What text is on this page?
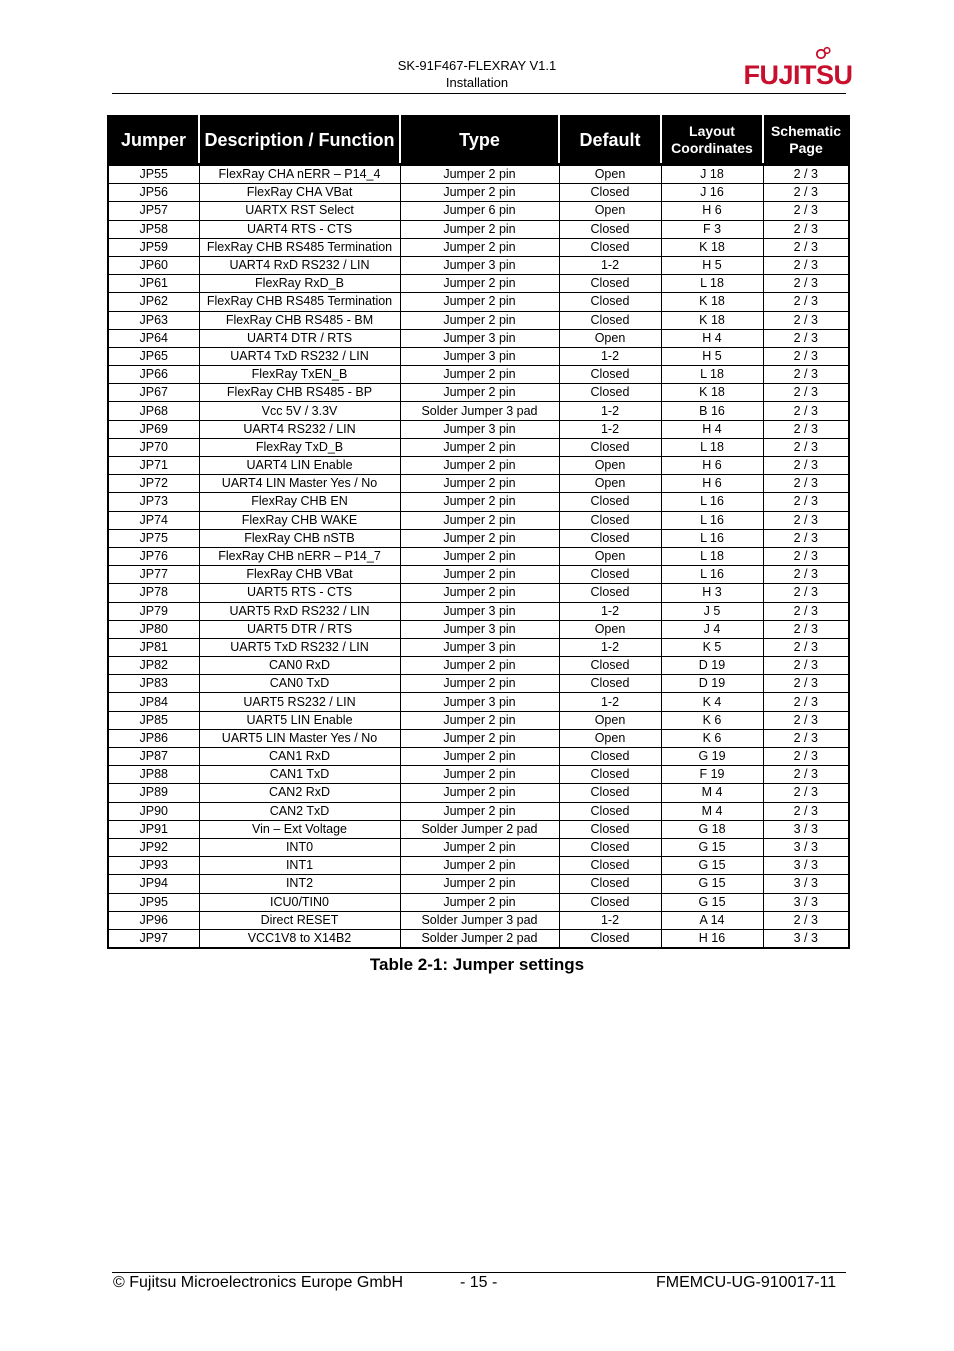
SK-91F467-FLEXRAY V1.1
Installation	FUJITSU
Jumper	Description / Function	Type	Default	Layout Coordinates	Schematic Page
JP55	FlexRay CHA nERR – P14_4	Jumper 2 pin	Open	J 18	2 / 3
JP56	FlexRay CHA VBat	Jumper 2 pin	Closed	J 16	2 / 3
JP57	UARTX RST Select	Jumper 6 pin	Open	H 6	2 / 3
JP58	UART4 RTS - CTS	Jumper 2 pin	Closed	F 3	2 / 3
JP59	FlexRay CHB RS485 Termination	Jumper 2 pin	Closed	K 18	2 / 3
JP60	UART4 RxD RS232 / LIN	Jumper 3 pin	1-2	H 5	2 / 3
JP61	FlexRay RxD_B	Jumper 2 pin	Closed	L 18	2 / 3
JP62	FlexRay CHB RS485 Termination	Jumper 2 pin	Closed	K 18	2 / 3
JP63	FlexRay CHB RS485 - BM	Jumper 2 pin	Closed	K 18	2 / 3
JP64	UART4 DTR / RTS	Jumper 3 pin	Open	H 4	2 / 3
JP65	UART4 TxD RS232 / LIN	Jumper 3 pin	1-2	H 5	2 / 3
JP66	FlexRay TxEN_B	Jumper 2 pin	Closed	L 18	2 / 3
JP67	FlexRay CHB RS485 - BP	Jumper 2 pin	Closed	K 18	2 / 3
JP68	Vcc 5V / 3.3V	Solder Jumper 3 pad	1-2	B 16	2 / 3
JP69	UART4 RS232 / LIN	Jumper 3 pin	1-2	H 4	2 / 3
JP70	FlexRay TxD_B	Jumper 2 pin	Closed	L 18	2 / 3
JP71	UART4 LIN Enable	Jumper 2 pin	Open	H 6	2 / 3
JP72	UART4 LIN Master Yes / No	Jumper 2 pin	Open	H 6	2 / 3
JP73	FlexRay CHB EN	Jumper 2 pin	Closed	L 16	2 / 3
JP74	FlexRay CHB WAKE	Jumper 2 pin	Closed	L 16	2 / 3
JP75	FlexRay CHB nSTB	Jumper 2 pin	Closed	L 16	2 / 3
JP76	FlexRay CHB nERR – P14_7	Jumper 2 pin	Open	L 18	2 / 3
JP77	FlexRay CHB VBat	Jumper 2 pin	Closed	L 16	2 / 3
JP78	UART5 RTS - CTS	Jumper 2 pin	Closed	H 3	2 / 3
JP79	UART5 RxD RS232 / LIN	Jumper 3 pin	1-2	J 5	2 / 3
JP80	UART5 DTR / RTS	Jumper 3 pin	Open	J 4	2 / 3
JP81	UART5 TxD RS232 / LIN	Jumper 3 pin	1-2	K 5	2 / 3
JP82	CAN0 RxD	Jumper 2 pin	Closed	D 19	2 / 3
JP83	CAN0 TxD	Jumper 2 pin	Closed	D 19	2 / 3
JP84	UART5 RS232 / LIN	Jumper 3 pin	1-2	K 4	2 / 3
JP85	UART5 LIN Enable	Jumper 2 pin	Open	K 6	2 / 3
JP86	UART5 LIN Master Yes / No	Jumper 2 pin	Open	K 6	2 / 3
JP87	CAN1 RxD	Jumper 2 pin	Closed	G 19	2 / 3
JP88	CAN1 TxD	Jumper 2 pin	Closed	F 19	2 / 3
JP89	CAN2 RxD	Jumper 2 pin	Closed	M 4	2 / 3
JP90	CAN2 TxD	Jumper 2 pin	Closed	M 4	2 / 3
JP91	Vin – Ext Voltage	Solder Jumper 2 pad	Closed	G 18	3 / 3
JP92	INT0	Jumper 2 pin	Closed	G 15	3 / 3
JP93	INT1	Jumper 2 pin	Closed	G 15	3 / 3
JP94	INT2	Jumper 2 pin	Closed	G 15	3 / 3
JP95	ICU0/TIN0	Jumper 2 pin	Closed	G 15	3 / 3
JP96	Direct RESET	Solder Jumper 3 pad	1-2	A 14	2 / 3
JP97	VCC1V8 to X14B2	Solder Jumper 2 pad	Closed	H 16	3 / 3
Table 2-1: Jumper settings
© Fujitsu Microelectronics Europe GmbH	- 15 -	FMEMCU-UG-910017-11
